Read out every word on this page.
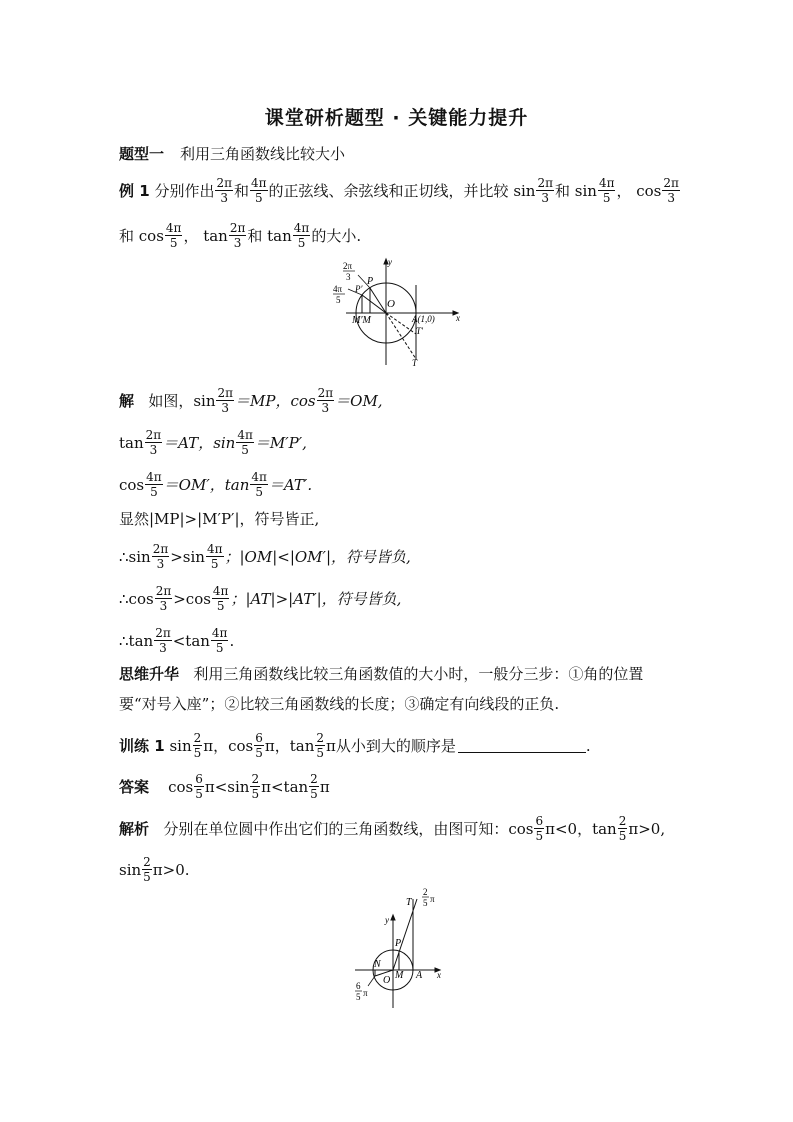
课堂研析题型 · 关键能力提升
题型一 利用三角函数线比较大小
例 1
分别作出 $\frac{2\pi}{3}$ 和 $\frac{4\pi}{5}$ 的正弦线、余弦线和正切线，并比较 $\sin \frac{2\pi}{3}$ 和 $\sin \frac{4\pi}{5}$ ， $\cos \frac{2\pi}{3}$
和 $\cos \frac{4\pi}{5}$ ， $\tan \frac{2\pi}{3}$ 和 $\tan \frac{4\pi}{5}$ 的大小.
y
x
O
P
P′
M′M	A(1,0)
T′
T
2π
3
4π
5
解
如图，$\sin \frac{2\pi}{3} =MP$，$\cos \frac{2\pi}{3} =OM$,
$\tan \frac{2\pi}{3} =AT$，$\sin \frac{4\pi}{5} =M'P'$,
$\cos \frac{4\pi}{5} =OM'$，$\tan \frac{4\pi}{5} =AT'$.
显然|MP|>|M′P′|，符号皆正,
∴sin $\frac{2\pi}{3} >\sin \frac{4\pi}{5}$ ；|OM|<|OM′|，符号皆负,
∴cos $\frac{2\pi}{3} >\cos \frac{4\pi}{5}$ ；|AT|>|AT′|，符号皆负,
∴tan $\frac{2\pi}{3} <\tan \frac{4\pi}{5}$ .
思维升华
利用三角函数线比较三角函数值的大小时，一般分三步：①角的位置
要“对号入座”；②比较三角函数线的长度；③确定有向线段的正负.
训练 1
$\sin \frac{2}{5}$ π，$\cos \frac{6}{5}$ π，$\tan \frac{2}{5}$ π从小到大的顺序是	.
答案
$\cos \frac{6}{5} \pi<\sin \frac{2}{5} \pi<\tan \frac{2}{5}$ π
解析
分别在单位圆中作出它们的三角函数线，由图可知：$\cos \frac{6}{5} \pi<0$，$\tan \frac{2}{5} \pi>0$,
$\sin \frac{2}{5} \pi>0$.
y
x
T
P
N
O M A
2
5 π
6
5 π
